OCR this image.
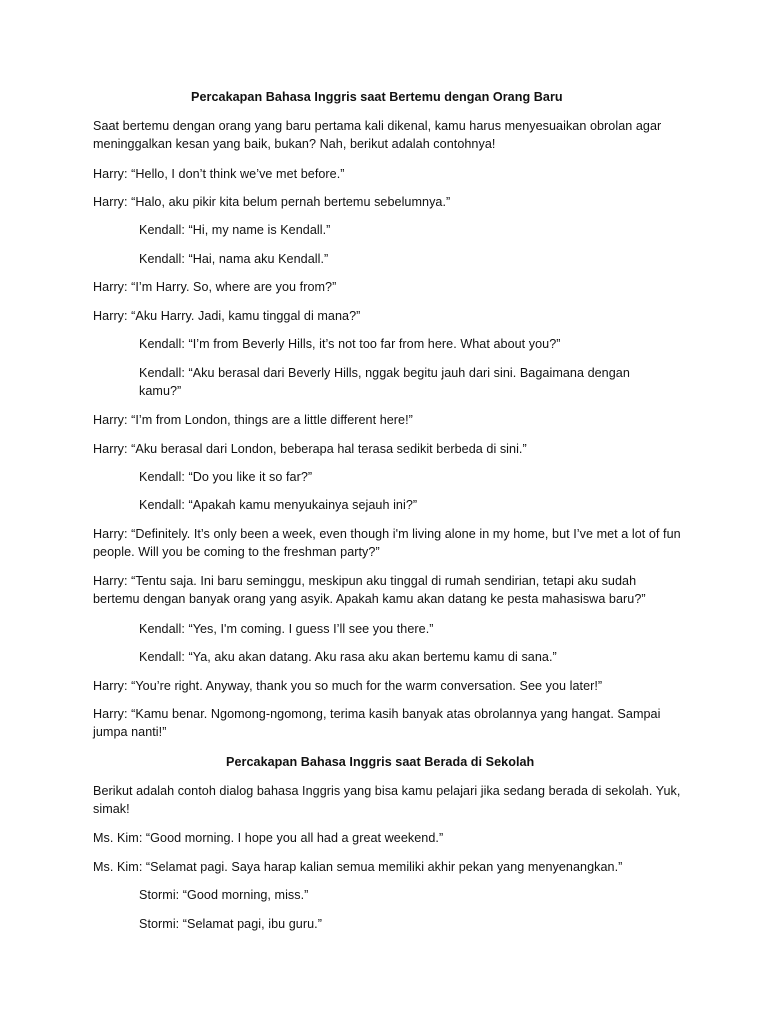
Percakapan Bahasa Inggris saat Bertemu dengan Orang Baru

Saat bertemu dengan orang yang baru pertama kali dikenal, kamu harus menyesuaikan obrolan agar meninggalkan kesan yang baik, bukan? Nah, berikut adalah contohnya!

Harry: “Hello, I don’t think we’ve met before.”

Harry: “Halo, aku pikir kita belum pernah bertemu sebelumnya.”

Kendall: “Hi, my name is Kendall.”

Kendall: “Hai, nama aku Kendall.”

Harry: “I’m Harry. So, where are you from?”

Harry: “Aku Harry. Jadi, kamu tinggal di mana?”

Kendall: “I’m from Beverly Hills, it’s not too far from here. What about you?”

Kendall: “Aku berasal dari Beverly Hills, nggak begitu jauh dari sini. Bagaimana dengan kamu?”

Harry: “I’m from London, things are a little different here!”

Harry: “Aku berasal dari London, beberapa hal terasa sedikit berbeda di sini.”

Kendall: “Do you like it so far?”

Kendall: “Apakah kamu menyukainya sejauh ini?”

Harry: “Definitely. It’s only been a week, even though i'm living alone in my home, but I’ve met a lot of fun people. Will you be coming to the freshman party?”

Harry: “Tentu saja. Ini baru seminggu, meskipun aku tinggal di rumah sendirian, tetapi aku sudah bertemu dengan banyak orang yang asyik. Apakah kamu akan datang ke pesta mahasiswa baru?”

Kendall: “Yes, I'm coming. I guess I’ll see you there.”

Kendall: “Ya, aku akan datang. Aku rasa aku akan bertemu kamu di sana.”

Harry: “You’re right. Anyway, thank you so much for the warm conversation. See you later!”

Harry: “Kamu benar. Ngomong-ngomong, terima kasih banyak atas obrolannya yang hangat. Sampai jumpa nanti!”

Percakapan Bahasa Inggris saat Berada di Sekolah

Berikut adalah contoh dialog bahasa Inggris yang bisa kamu pelajari jika sedang berada di sekolah. Yuk, simak!

Ms. Kim: “Good morning. I hope you all had a great weekend.”

Ms. Kim: “Selamat pagi. Saya harap kalian semua memiliki akhir pekan yang menyenangkan.”

Stormi: “Good morning, miss.”

Stormi: “Selamat pagi, ibu guru.”
